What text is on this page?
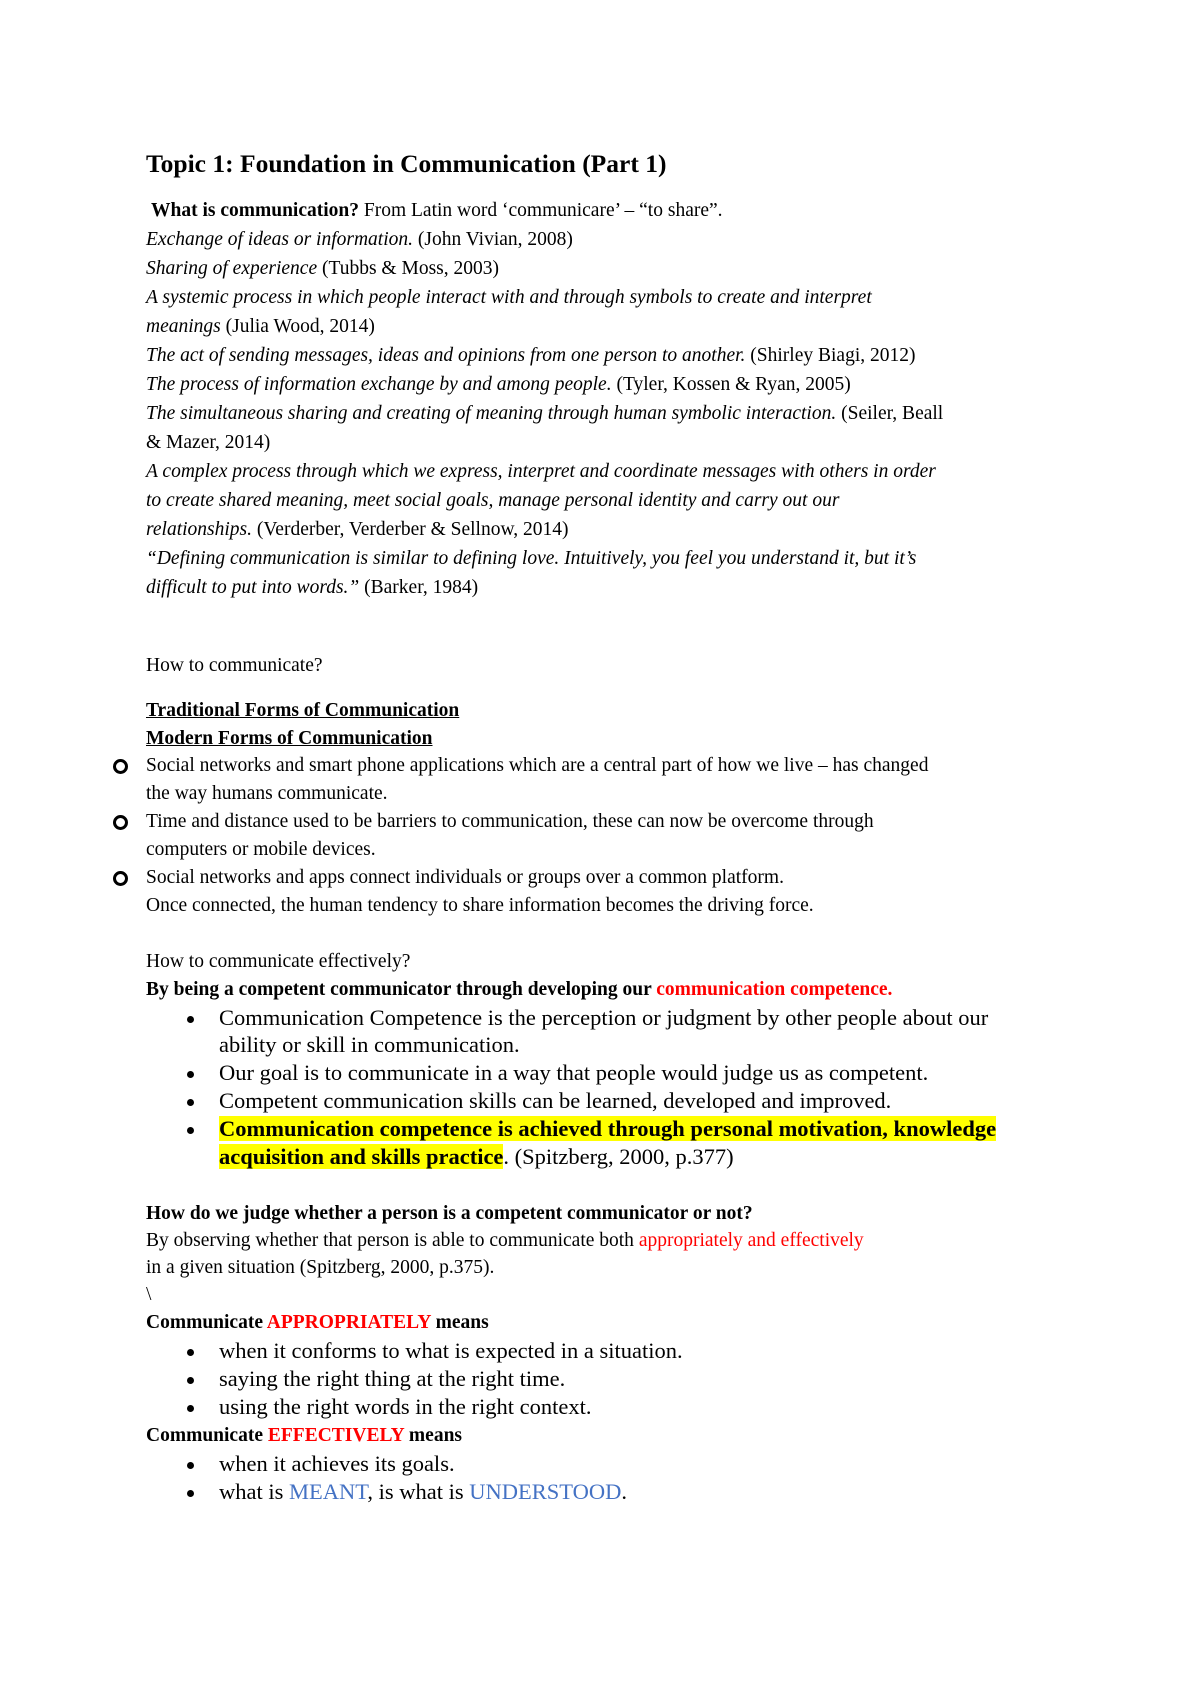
Topic 1: Foundation in Communication (Part 1)
What is communication? From Latin word ‘communicare’ – “to share”.
Exchange of ideas or information. (John Vivian, 2008)
Sharing of experience (Tubbs & Moss, 2003)
A systemic process in which people interact with and through symbols to create and interpret
meanings (Julia Wood, 2014)
The act of sending messages, ideas and opinions from one person to another. (Shirley Biagi, 2012)
The process of information exchange by and among people. (Tyler, Kossen & Ryan, 2005)
The simultaneous sharing and creating of meaning through human symbolic interaction. (Seiler, Beall
& Mazer, 2014)
A complex process through which we express, interpret and coordinate messages with others in order
to create shared meaning, meet social goals, manage personal identity and carry out our
relationships. (Verderber, Verderber & Sellnow, 2014)
“Defining communication is similar to defining love. Intuitively, you feel you understand it, but it’s
difficult to put into words.” (Barker, 1984)
How to communicate?
Traditional Forms of Communication
Modern Forms of Communication
Social networks and smart phone applications which are a central part of how we live – has changed
the way humans communicate.
Time and distance used to be barriers to communication, these can now be overcome through
computers or mobile devices.
Social networks and apps connect individuals or groups over a common platform.
Once connected, the human tendency to share information becomes the driving force.
How to communicate effectively?
By being a competent communicator through developing our communication competence.
Communication Competence is the perception or judgment by other people about our
ability or skill in communication.
Our goal is to communicate in a way that people would judge us as competent.
Competent communication skills can be learned, developed and improved.
Communication competence is achieved through personal motivation, knowledge
acquisition and skills practice. (Spitzberg, 2000, p.377)
How do we judge whether a person is a competent communicator or not?
By observing whether that person is able to communicate both appropriately and effectively
in a given situation (Spitzberg, 2000, p.375).
\
Communicate APPROPRIATELY means
when it conforms to what is expected in a situation.
saying the right thing at the right time.
using the right words in the right context.
Communicate EFFECTIVELY means
when it achieves its goals.
what is MEANT, is what is UNDERSTOOD.
